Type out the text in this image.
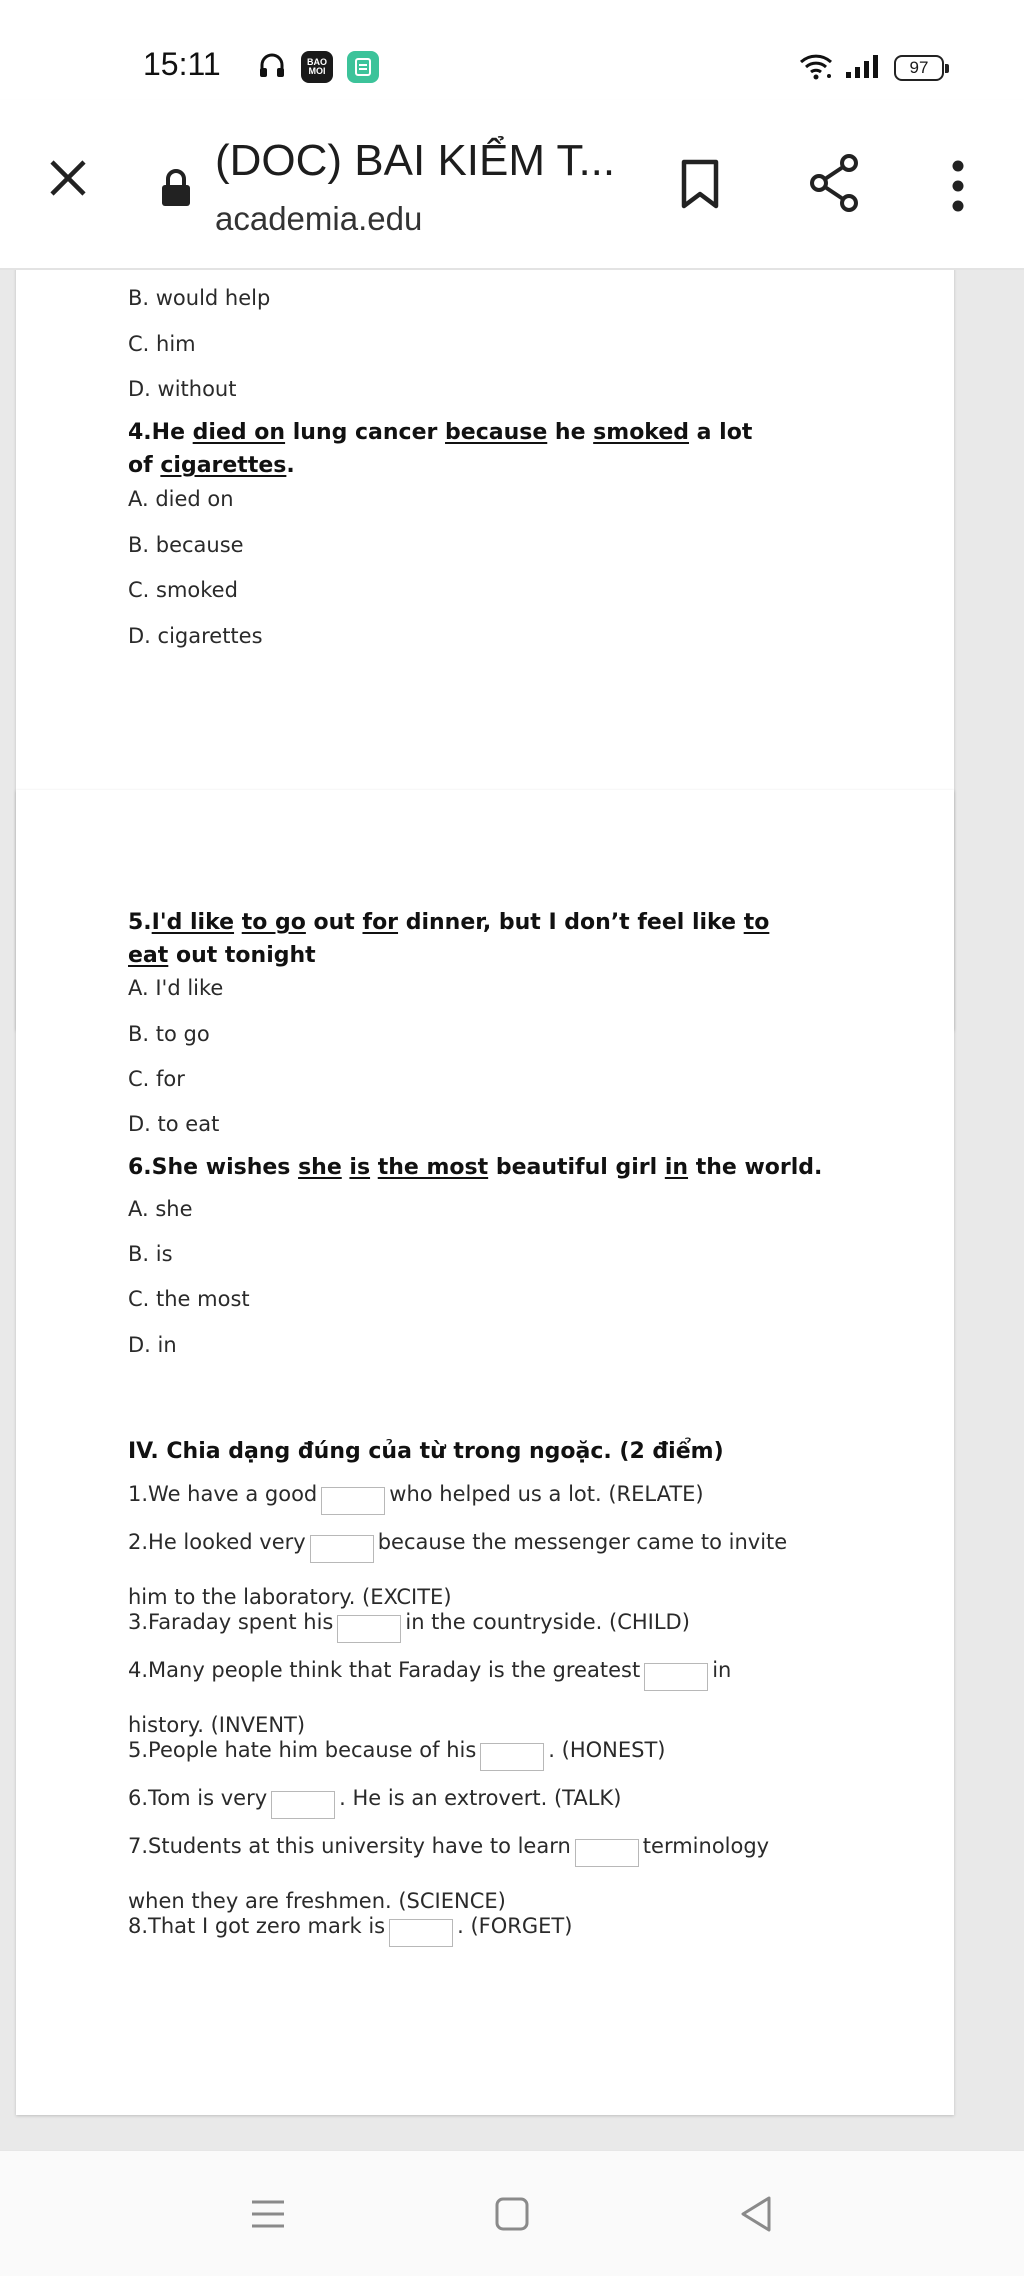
15:11	BAO MOI	97
(DOC) BAI KIỂM T...
academia.edu
B. would help
C. him
D. without
4.He died on lung cancer because he smoked a lot
of cigarettes.
A. died on
B. because
C. smoked
D. cigarettes
5.I'd like to go out for dinner, but I don’t feel like to
eat out tonight
A. I'd like
B. to go
C. for
D. to eat
6.She wishes she is the most beautiful girl in the world.
A. she
B. is
C. the most
D. in
IV. Chia dạng đúng của từ trong ngoặc. (2 điểm)
1.We have a good	who helped us a lot. (RELATE)
2.He looked very	because the messenger came to invite
him to the laboratory. (EXCITE)
3.Faraday spent his	in the countryside. (CHILD)
4.Many people think that Faraday is the greatest	in
history. (INVENT)
5.People hate him because of his	. (HONEST)
6.Tom is very	. He is an extrovert. (TALK)
7.Students at this university have to learn	terminology
when they are freshmen. (SCIENCE)
8.That I got zero mark is	. (FORGET)
